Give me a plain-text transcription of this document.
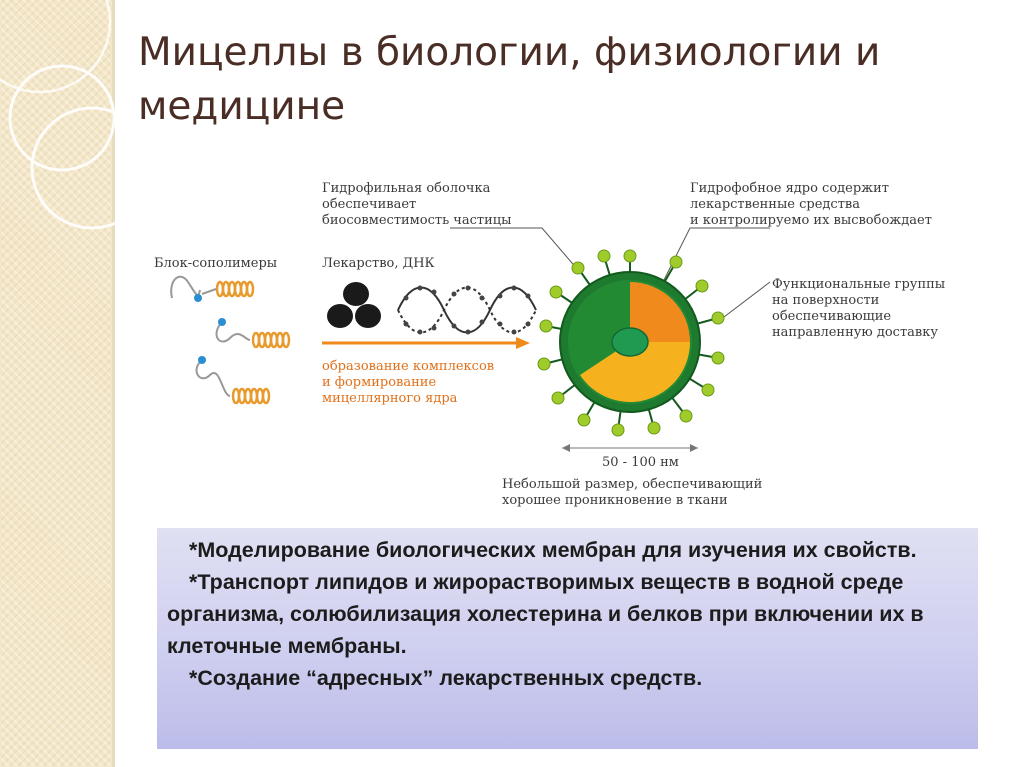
Мицеллы в биологии, физиологии и медицине
Гидрофильная оболочка обеспечивает биосовместимость частицы
Гидрофобное ядро содержит лекарственные средства и контролируемо их высвобождает
Блок-сополимеры	Лекарство, ДНК
образование комплексов и формирование мицеллярного ядра
Функциональные группы на поверхности обеспечивающие направленную доставку
50 - 100 нм
Небольшой размер, обеспечивающий хорошее проникновение в ткани

*Моделирование биологических мембран для изучения их свойств.

*Транспорт липидов и жирорастворимых веществ в водной среде организма, солюбилизация холестерина и белков при включении их в клеточные мембраны.

*Создание “адресных” лекарственных средств.
